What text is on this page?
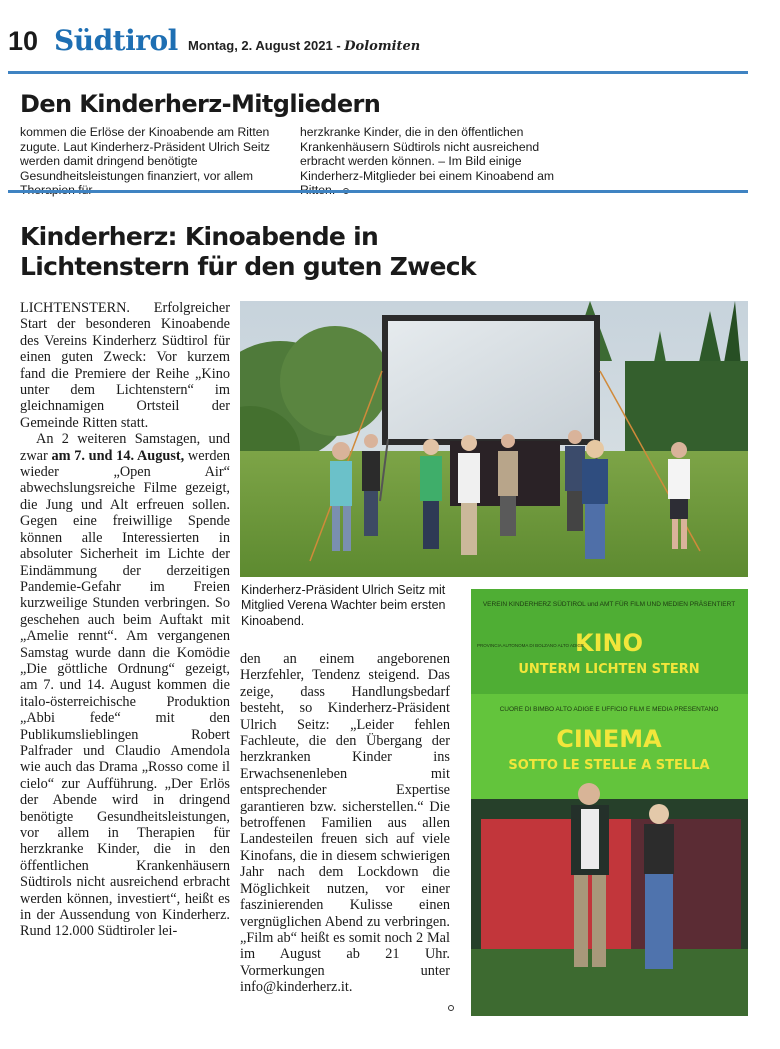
10 Südtirol Montag, 2. August 2021 - Dolomiten
Den Kinderherz-Mitgliedern
kommen die Erlöse der Kinoabende am Ritten zugute. Laut Kinderherz-Präsident Ulrich Seitz werden damit dringend benötigte Gesundheitsleistungen finanziert, vor allem
herzkranke Kinder, die in den öffentlichen Krankenhäusern Südtirols nicht ausreichend erbracht werden können. – Im Bild einige Kinderherz-Mitglieder bei einem Kinoabend am
Kinderherz: Kinoabende in
Lichtenstern für den guten Zweck

LICHTENSTERN. Erfolgreicher Start der besonderen Kinoabende des Vereins Kinderherz Südtirol für einen guten Zweck: Vor kurzem fand die Premiere der Reihe „Kino unter dem Lichtenstern“ im gleichnamigen Ortsteil der Gemeinde Ritten statt.

An 2 weiteren Samstagen, und zwar am 7. und 14. August, werden wieder „Open Air“ abwechslungsreiche Filme gezeigt, die Jung und Alt erfreuen sollen. Gegen eine freiwillige Spende können alle Interessierten in absoluter Sicherheit im Lichte der Eindämmung der derzeitigen Pandemie-Gefahr im Freien kurzweilige Stunden verbringen. So geschehen auch beim Auftakt mit „Amelie rennt“. Am vergangenen Samstag wurde dann die Komödie „Die göttliche Ordnung“ gezeigt, am 7. und 14. August kommen die italo-österreichische Produktion „Abbi fede“ mit den Publikumslieblingen Robert Palfrader und Claudio Amendola wie auch das Drama „Rosso come il cielo“ zur Aufführung. „Der Erlös der Abende wird in dringend benötigte Gesundheitsleistungen, vor allem in Therapien für herzkranke Kinder, die in den öffentlichen Krankenhäusern Südtirols nicht ausreichend erbracht werden können, investiert“, heißt es in der Aussendung von Kinderherz. Rund 12.000 Südtiroler lei-

Kinderherz-Präsident Ulrich Seitz mit Mitglied Verena Wachter beim ersten Kinoabend.
VEREIN KINDERHERZ SÜDTIROL und AMT FÜR FILM UND MEDIEN PRÄSENTIERT
KINO
UNTERM LICHTEN STERN
PROVINCIA AUTONOMA DI BOLZANO ALTO ADIGE
CUORE DI BIMBO ALTO ADIGE E UFFICIO FILM E MEDIA PRESENTANO
CINEMA
SOTTO LE STELLE A STELLA
den an einem angeborenen Herzfehler, Tendenz steigend. Das zeige, dass Handlungsbedarf besteht, so Kinderherz-Präsident Ulrich Seitz: „Leider fehlen Fachleute, die den Übergang der herzkranken Kinder ins Erwachsenenleben mit entsprechender Expertise garantieren bzw. sicherstellen.“ Die betroffenen Familien aus allen Landesteilen freuen sich auf viele Kinofans, die in diesem schwierigen Jahr nach dem Lockdown die Möglichkeit nutzen, vor einer faszinierenden Kulisse einen vergnüglichen Abend zu verbringen. „Film ab“ heißt es somit noch 2 Mal im August ab 21 Uhr. Vormerkungen unter info@kinderherz.it.
